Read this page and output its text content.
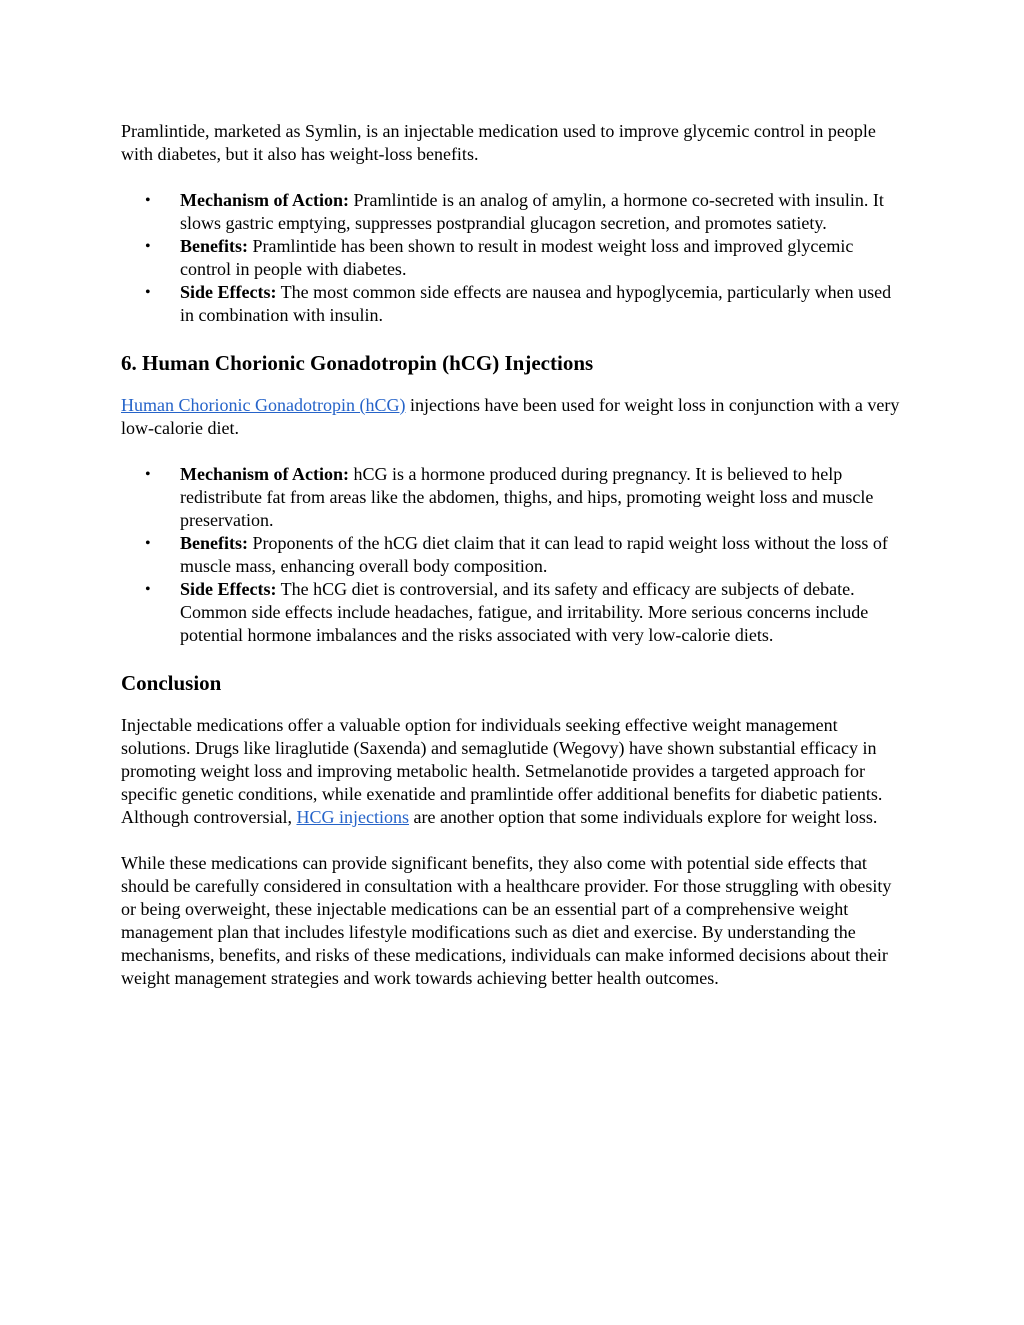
Pramlintide, marketed as Symlin, is an injectable medication used to improve glycemic control in people with diabetes, but it also has weight-loss benefits.

• Mechanism of Action: Pramlintide is an analog of amylin, a hormone co-secreted with insulin. It slows gastric emptying, suppresses postprandial glucagon secretion, and promotes satiety.
• Benefits: Pramlintide has been shown to result in modest weight loss and improved glycemic control in people with diabetes.
• Side Effects: The most common side effects are nausea and hypoglycemia, particularly when used in combination with insulin.
6. Human Chorionic Gonadotropin (hCG) Injections

Human Chorionic Gonadotropin (hCG) injections have been used for weight loss in conjunction with a very low-calorie diet.

• Mechanism of Action: hCG is a hormone produced during pregnancy. It is believed to help redistribute fat from areas like the abdomen, thighs, and hips, promoting weight loss and muscle preservation.
• Benefits: Proponents of the hCG diet claim that it can lead to rapid weight loss without the loss of muscle mass, enhancing overall body composition.
• Side Effects: The hCG diet is controversial, and its safety and efficacy are subjects of debate. Common side effects include headaches, fatigue, and irritability. More serious concerns include potential hormone imbalances and the risks associated with very low-calorie diets.
Conclusion

Injectable medications offer a valuable option for individuals seeking effective weight management solutions. Drugs like liraglutide (Saxenda) and semaglutide (Wegovy) have shown substantial efficacy in promoting weight loss and improving metabolic health. Setmelanotide provides a targeted approach for specific genetic conditions, while exenatide and pramlintide offer additional benefits for diabetic patients. Although controversial, HCG injections are another option that some individuals explore for weight loss.

While these medications can provide significant benefits, they also come with potential side effects that should be carefully considered in consultation with a healthcare provider. For those struggling with obesity or being overweight, these injectable medications can be an essential part of a comprehensive weight management plan that includes lifestyle modifications such as diet and exercise. By understanding the mechanisms, benefits, and risks of these medications, individuals can make informed decisions about their weight management strategies and work towards achieving better health outcomes.
